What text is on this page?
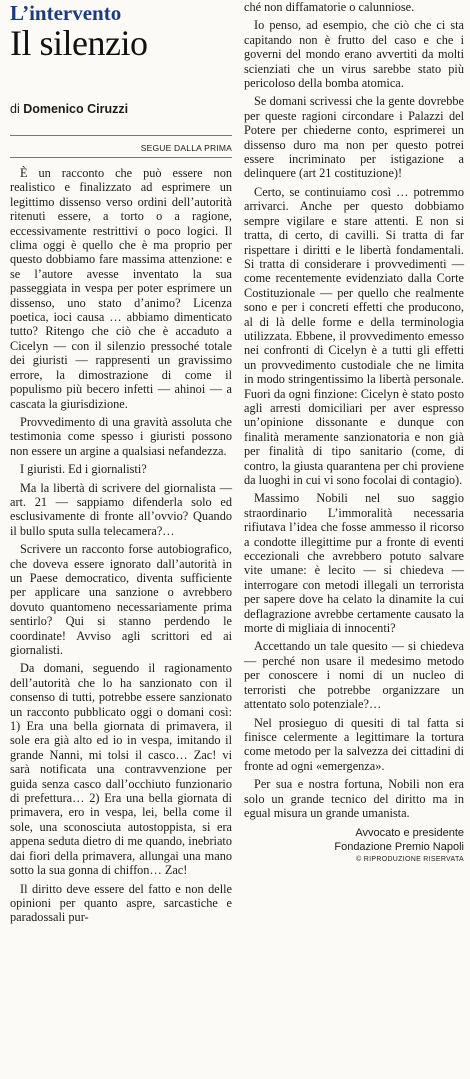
L’intervento
Il silenzio
di Domenico Ciruzzi
SEGUE DALLA PRIMA

È un racconto che può essere non realistico e finalizzato ad esprimere un legittimo dissenso verso ordini dell’autorità ritenuti essere, a torto o a ragione, eccessivamente restrittivi o poco logici. Il clima oggi è quello che è ma proprio per questo dobbiamo fare massima attenzione: e se l’autore avesse inventato la sua passeggiata in vespa per poter esprimere un dissenso, uno stato d’animo? Licenza poetica, ioci causa … abbiamo dimenticato tutto? Ritengo che ciò che è accaduto a Cicelyn — con il silenzio pressoché totale dei giuristi — rappresenti un gravissimo errore, la dimostrazione di come il populismo più becero infetti — ahinoi — a cascata la giurisdizione.

Provvedimento di una gravità assoluta che testimonia come spesso i giuristi possono non essere un argine a qualsiasi nefandezza.

I giuristi. Ed i giornalisti?

Ma la libertà di scrivere del giornalista — art. 21 — sappiamo difenderla solo ed esclusivamente di fronte all’ovvio? Quando il bullo sputa sulla telecamera?…

Scrivere un racconto forse autobiografico, che doveva essere ignorato dall’autorità in un Paese democratico, diventa sufficiente per applicare una sanzione o avrebbero dovuto quantomeno necessariamente prima sentirlo? Qui si stanno perdendo le coordinate! Avviso agli scrittori ed ai giornalisti.

Da domani, seguendo il ragionamento dell’autorità che lo ha sanzionato con il consenso di tutti, potrebbe essere sanzionato un racconto pubblicato oggi o domani così: 1) Era una bella giornata di primavera, il sole era già alto ed io in vespa, imitando il grande Nanni, mi tolsi il casco… Zac! vi sarà notificata una contravvenzione per guida senza casco dall’occhiuto funzionario di prefettura… 2) Era una bella giornata di primavera, ero in vespa, lei, bella come il sole, una sconosciuta autostoppista, si era appena seduta dietro di me quando, inebriato dai fiori della primavera, allungai una mano sotto la sua gonna di chiffon… Zac!

Il diritto deve essere del fatto e non delle opinioni per quanto aspre, sarcastiche e paradossali pur-

ché non diffamatorie o calunniose.

Io penso, ad esempio, che ciò che ci sta capitando non è frutto del caso e che i governi del mondo erano avvertiti da molti scienziati che un virus sarebbe stato più pericoloso della bomba atomica.

Se domani scrivessi che la gente dovrebbe per queste ragioni circondare i Palazzi del Potere per chiederne conto, esprimerei un dissenso duro ma non per questo potrei essere incriminato per istigazione a delinquere (art 21 costituzione)!

Certo, se continuiamo così … potremmo arrivarci. Anche per questo dobbiamo sempre vigilare e stare attenti. E non si tratta, di certo, di cavilli. Si tratta di far rispettare i diritti e le libertà fondamentali. Si tratta di considerare i provvedimenti — come recentemente evidenziato dalla Corte Costituzionale — per quello che realmente sono e per i concreti effetti che producono, al di là delle forme e della terminologia utilizzata. Ebbene, il provvedimento emesso nei confronti di Cicelyn è a tutti gli effetti un provvedimento custodiale che ne limita in modo stringentissimo la libertà personale. Fuori da ogni finzione: Cicelyn è stato posto agli arresti domiciliari per aver espresso un’opinione dissonante e dunque con finalità meramente sanzionatoria e non già per finalità di tipo sanitario (come, di contro, la giusta quarantena per chi proviene da luoghi in cui vi sono focolai di contagio).

Massimo Nobili nel suo saggio straordinario L’immoralità necessaria rifiutava l’idea che fosse ammesso il ricorso a condotte illegittime pur a fronte di eventi eccezionali che avrebbero potuto salvare vite umane: è lecito — si chiedeva — interrogare con metodi illegali un terrorista per sapere dove ha celato la dinamite la cui deflagrazione avrebbe certamente causato la morte di migliaia di innocenti?

Accettando un tale quesito — si chiedeva — perché non usare il medesimo metodo per conoscere i nomi di un nucleo di terroristi che potrebbe organizzare un attentato solo potenziale?…

Nel prosieguo di quesiti di tal fatta si finisce celermente a legittimare la tortura come metodo per la salvezza dei cittadini di fronte ad ogni «emergenza».

Per sua e nostra fortuna, Nobili non era solo un grande tecnico del diritto ma in egual misura un grande umanista.

Avvocato e presidente
Fondazione Premio Napoli
© RIPRODUZIONE RISERVATA
